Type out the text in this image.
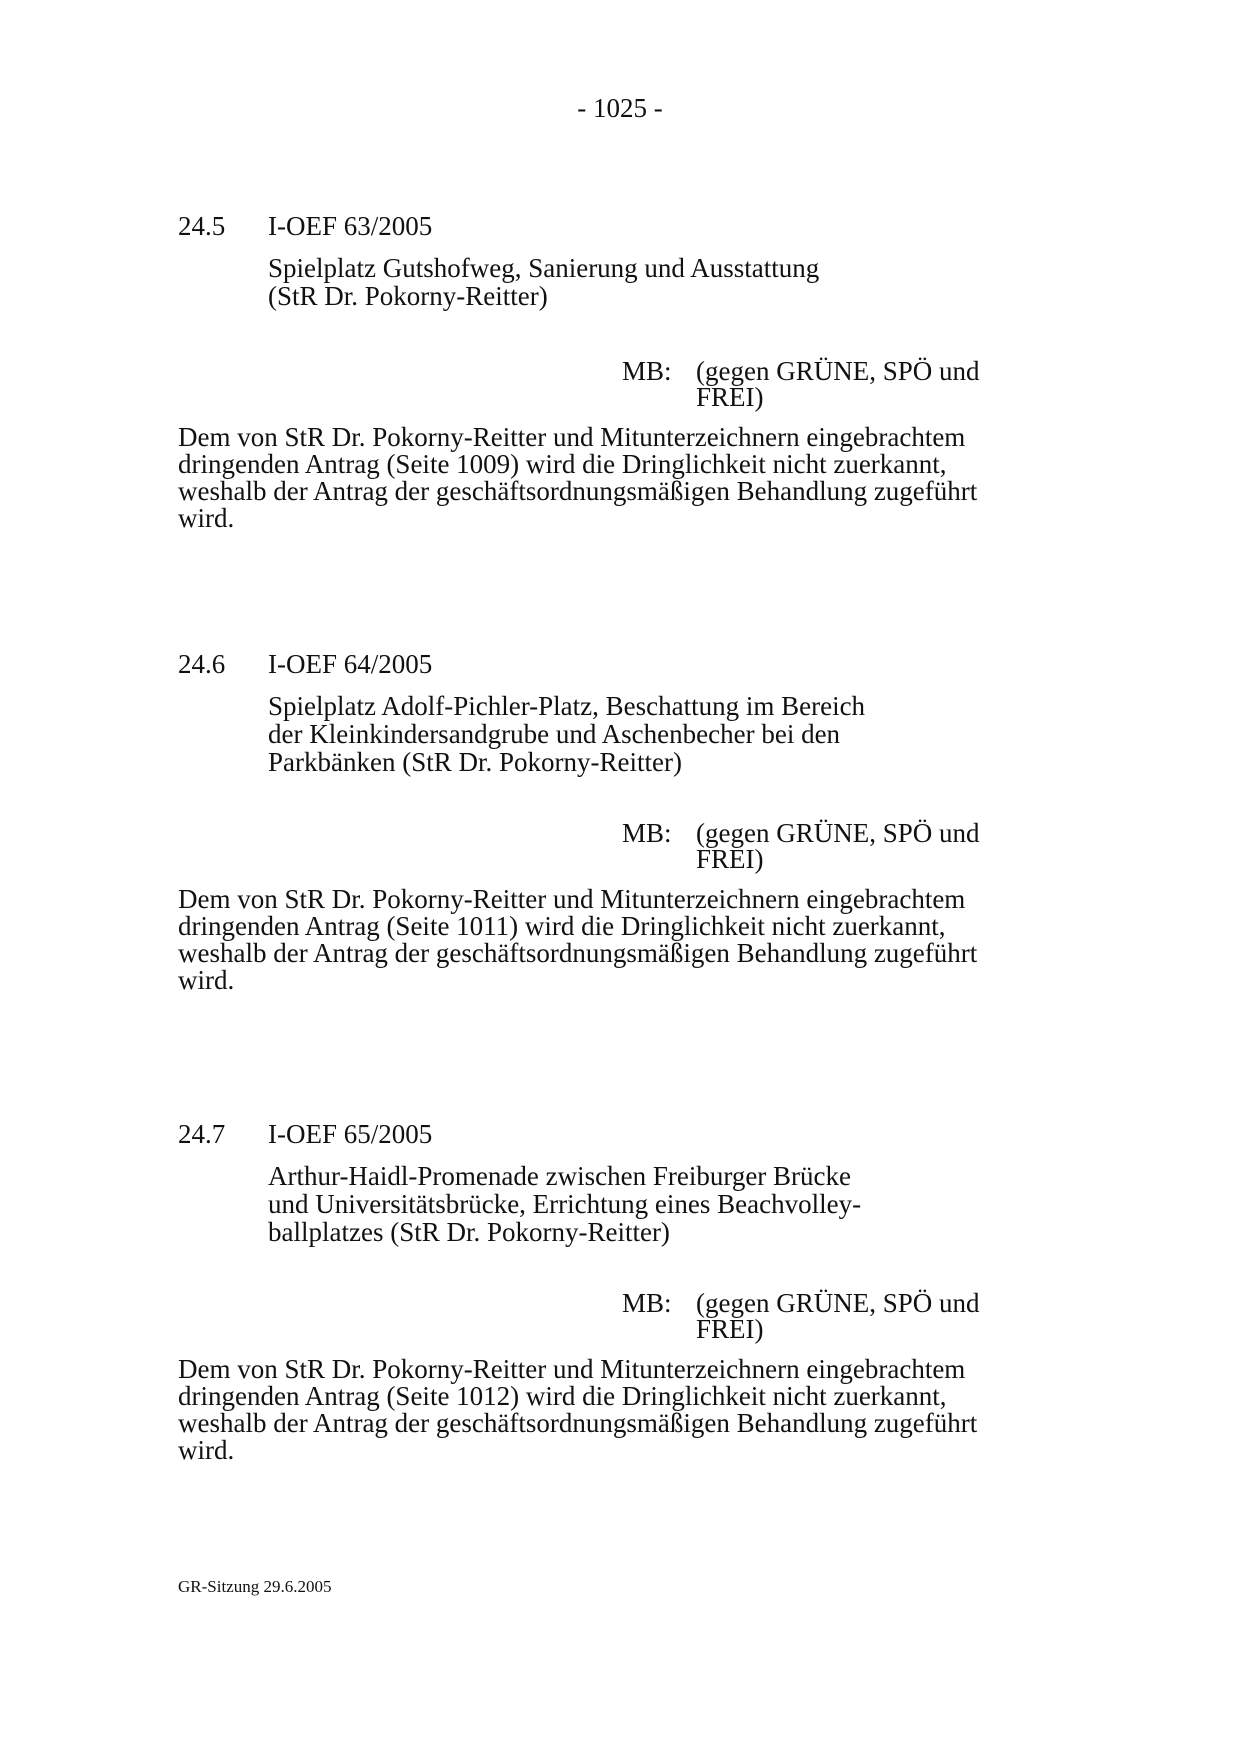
- 1025 -
24.5 I-OEF 63/2005
Spielplatz Gutshofweg, Sanierung und Ausstattung
(StR Dr. Pokorny-Reitter)
MB: (gegen GRÜNE, SPÖ und
FREI)
Dem von StR Dr. Pokorny-Reitter und Mitunterzeichnern eingebrachtem
dringenden Antrag (Seite 1009) wird die Dringlichkeit nicht zuerkannt,
weshalb der Antrag der geschäftsordnungsmäßigen Behandlung zugeführt
wird.
24.6 I-OEF 64/2005
Spielplatz Adolf-Pichler-Platz, Beschattung im Bereich
der Kleinkindersandgrube und Aschenbecher bei den
Parkbänken (StR Dr. Pokorny-Reitter)
MB: (gegen GRÜNE, SPÖ und
FREI)
Dem von StR Dr. Pokorny-Reitter und Mitunterzeichnern eingebrachtem
dringenden Antrag (Seite 1011) wird die Dringlichkeit nicht zuerkannt,
weshalb der Antrag der geschäftsordnungsmäßigen Behandlung zugeführt
wird.
24.7 I-OEF 65/2005
Arthur-Haidl-Promenade zwischen Freiburger Brücke
und Universitätsbrücke, Errichtung eines Beachvolley-
ballplatzes (StR Dr. Pokorny-Reitter)
MB: (gegen GRÜNE, SPÖ und
FREI)
Dem von StR Dr. Pokorny-Reitter und Mitunterzeichnern eingebrachtem
dringenden Antrag (Seite 1012) wird die Dringlichkeit nicht zuerkannt,
weshalb der Antrag der geschäftsordnungsmäßigen Behandlung zugeführt
wird.
GR-Sitzung 29.6.2005
